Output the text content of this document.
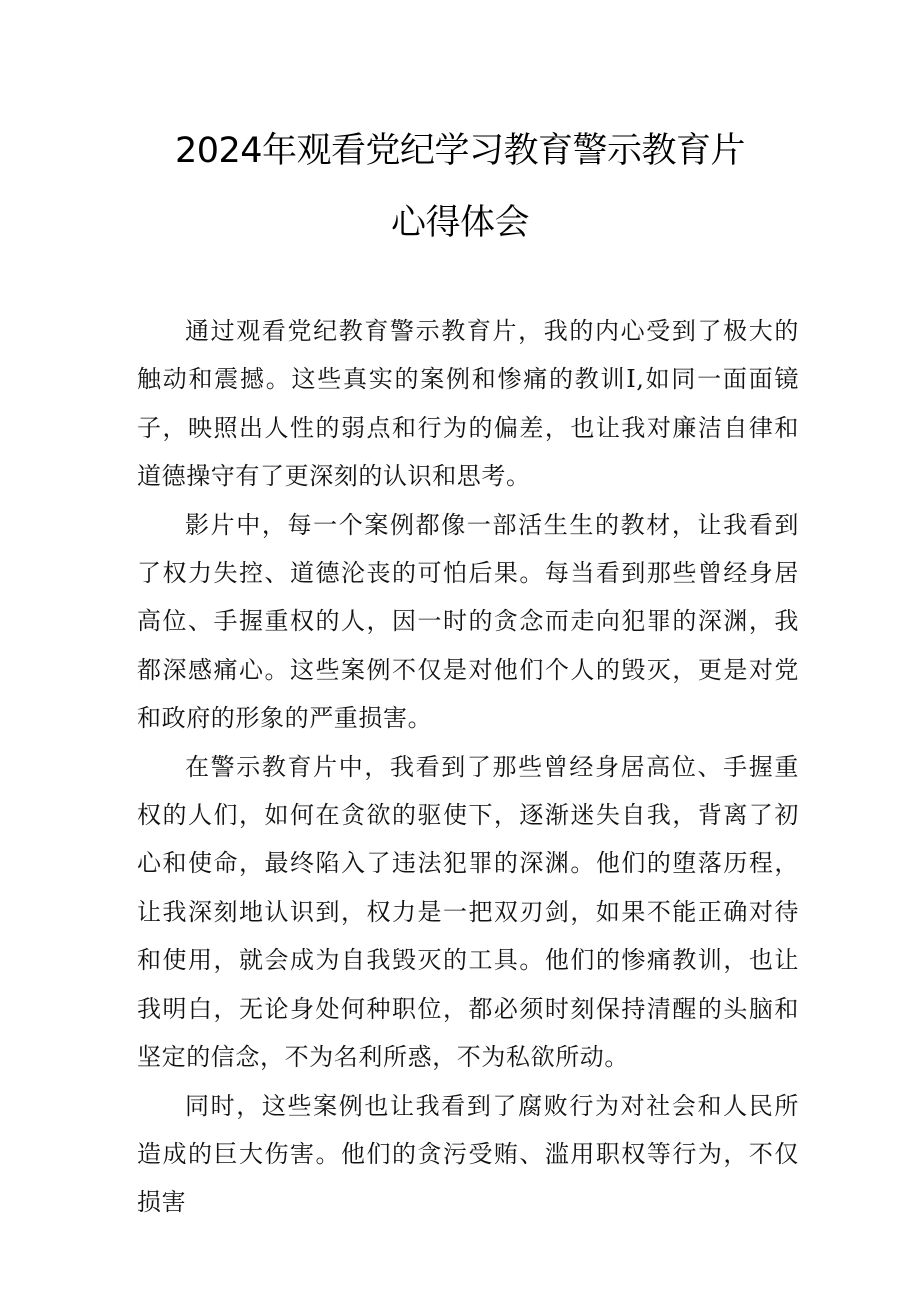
2024年观看党纪学习教育警示教育片
心得体会

通过观看党纪教育警示教育片，我的内心受到了极大的触动和震撼。这些真实的案例和惨痛的教训I,如同一面面镜子，映照出人性的弱点和行为的偏差，也让我对廉洁自律和道德操守有了更深刻的认识和思考。

影片中，每一个案例都像一部活生生的教材，让我看到了权力失控、道德沦丧的可怕后果。每当看到那些曾经身居高位、手握重权的人，因一时的贪念而走向犯罪的深渊，我都深感痛心。这些案例不仅是对他们个人的毁灭，更是对党和政府的形象的严重损害。

在警示教育片中，我看到了那些曾经身居高位、手握重权的人们，如何在贪欲的驱使下，逐渐迷失自我，背离了初心和使命，最终陷入了违法犯罪的深渊。他们的堕落历程，让我深刻地认识到，权力是一把双刃剑，如果不能正确对待和使用，就会成为自我毁灭的工具。他们的惨痛教训，也让我明白，无论身处何种职位，都必须时刻保持清醒的头脑和坚定的信念，不为名利所惑，不为私欲所动。

同时，这些案例也让我看到了腐败行为对社会和人民所造成的巨大伤害。他们的贪污受贿、滥用职权等行为，不仅损害
